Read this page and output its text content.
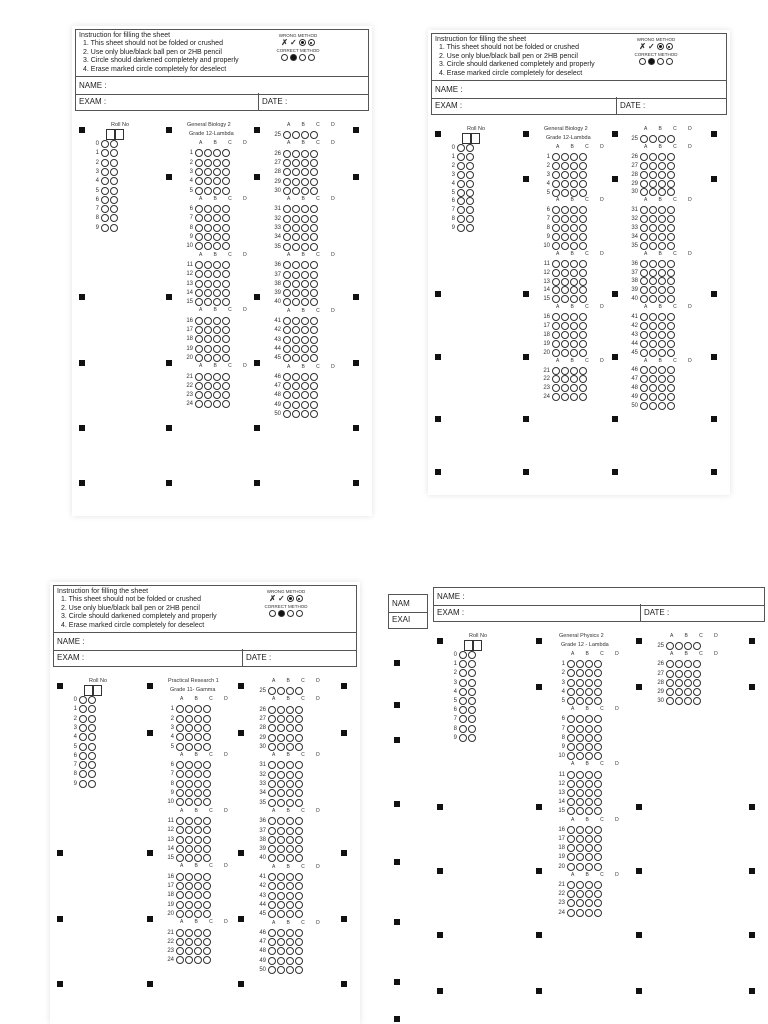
Instruction for filling the sheet
1. This sheet should not be folded or crushed
2. Use only blue/black ball pen or 2HB pencil
3. Circle should darkened completely and properly
4. Erase marked circle completely for deselect
WRONG METHOD
✗ ✓
CORRECT METHOD
NAME :
EXAM :	DATE :
Roll No
0
1
2
3
4
5
6
7
8
9
General Biology 2
Grade 12-Lambda
A B C D
1
2
3
4
5
A B C D
6
7
8
9
10
A B C D
11
12
13
14
15
A B C D
16
17
18
19
20
A B C D
21
22
23
24
A B C D
25
A B C D
26
27
28
29
30
A B C D
31
32
33
34
35
A B C D
36
37
38
39
40
A B C D
41
42
43
44
45
A B C D
46
47
48
49
50
Instruction for filling the sheet
1. This sheet should not be folded or crushed
2. Use only blue/black ball pen or 2HB pencil
3. Circle should darkened completely and properly
4. Erase marked circle completely for deselect
WRONG METHOD
✗ ✓
CORRECT METHOD
NAME :
EXAM :	DATE :
Roll No
0
1
2
3
4
5
6
7
8
9
General Biology 2
Grade 12-Lambda
A B C D
1
2
3
4
5
A B C D
6
7
8
9
10
A B C D
11
12
13
14
15
A B C D
16
17
18
19
20
A B C D
21
22
23
24
A B C D
25
A B C D
26
27
28
29
30
A B C D
31
32
33
34
35
A B C D
36
37
38
39
40
A B C D
41
42
43
44
45
A B C D
46
47
48
49
50
Instruction for filling the sheet
1. This sheet should not be folded or crushed
2. Use only blue/black ball pen or 2HB pencil
3. Circle should darkened completely and properly
4. Erase marked circle completely for deselect
WRONG METHOD
✗ ✓
CORRECT METHOD
NAME :
EXAM :	DATE :
Roll No
0
1
2
3
4
5
6
7
8
9
Practical Research 1
Grade 11- Gamma
A B C D
1
2
3
4
5
A B C D
6
7
8
9
10
A B C D
11
12
13
14
15
A B C D
16
17
18
19
20
A B C D
21
22
23
24
A B C D
25
A B C D
26
27
28
29
30
A B C D
31
32
33
34
35
A B C D
36
37
38
39
40
A B C D
41
42
43
44
45
A B C D
46
47
48
49
50
NAME :
EXAM :	DATE :
Roll No
0
1
2
3
4
5
6
7
8
9
General Physics 2
Grade 12 - Lambda
A B C D
1
2
3
4
5
A B C D
6
7
8
9
10
A B C D
11
12
13
14
15
A B C D
16
17
18
19
20
A B C D
21
22
23
24
A B C D
25
A B C D
26
27
28
29
30
NAM
EXAI
